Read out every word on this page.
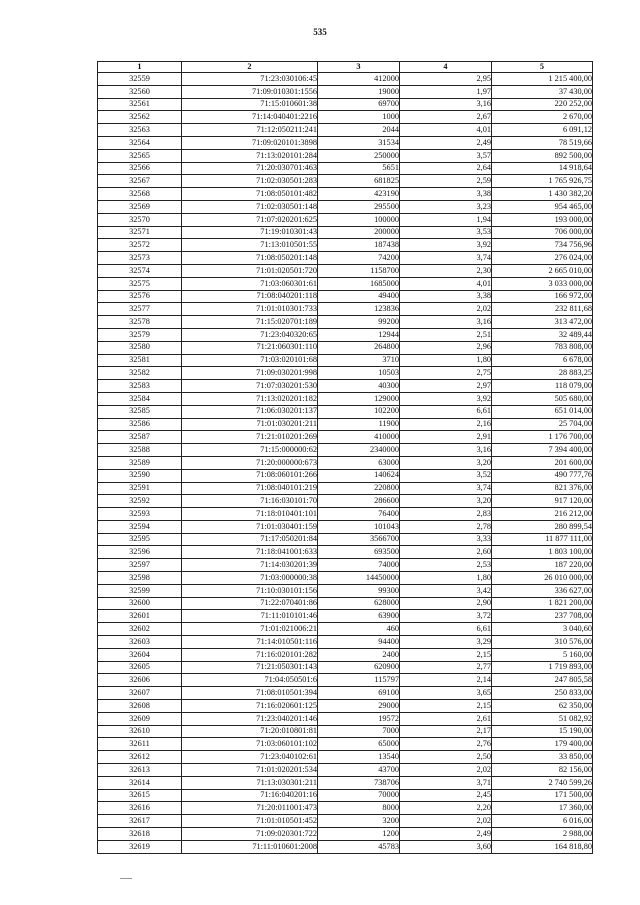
535
1	2	3	4	5
32559	71:23:030106:45	412000	2,95	1 215 400,00
32560	71:09:010301:1556	19000	1,97	37 430,00
32561	71:15:010601:38	69700	3,16	220 252,00
32562	71:14:040401:2216	1000	2,67	2 670,00
32563	71:12:050211:241	2044	4,01	6 091,12
32564	71:09:020101:3898	31534	2,49	78 519,66
32565	71:13:020101:284	250000	3,57	892 500,00
32566	71:20:030701:463	5651	2,64	14 918,64
32567	71:02:030501:283	681825	2,59	1 765 926,75
32568	71:08:050101:482	423190	3,38	1 430 382,20
32569	71:02:030501:148	295500	3,23	954 465,00
32570	71:07:020201:625	100000	1,94	193 000,00
32571	71:19:010301:43	200000	3,53	706 000,00
32572	71:13:010501:55	187438	3,92	734 756,96
32573	71:08:050201:148	74200	3,74	276 024,00
32574	71:01:020501:720	1158700	2,30	2 665 010,00
32575	71:03:060301:61	1685000	4,01	3 033 000,00
32576	71:08:040201:118	49400	3,38	166 972,00
32577	71:01:010301:733	123836	2,02	232 811,68
32578	71:15:020701:189	99200	3,16	313 472,00
32579	71:23:040320:65	12944	2,51	32 489,44
32580	71:21:060301:110	264800	2,96	783 808,00
32581	71:03:020101:68	3710	1,80	6 678,00
32582	71:09:030201:998	10503	2,75	28 883,25
32583	71:07:030201:530	40300	2,97	118 079,00
32584	71:13:020201:182	129000	3,92	505 680,00
32585	71:06:030201:137	102200	6,61	651 014,00
32586	71:01:030201:211	11900	2,16	25 704,00
32587	71:21:010201:269	410000	2,91	1 176 700,00
32588	71:15:000000:62	2340000	3,16	7 394 400,00
32589	71:20:000000:673	63000	3,20	201 600,00
32590	71:08:060101:266	140624	3,52	490 777,76
32591	71:08:040101:219	220800	3,74	821 376,00
32592	71:16:030101:70	286600	3,20	917 120,00
32593	71:18:010401:101	76400	2,83	216 212,00
32594	71:01:030401:159	101043	2,78	280 899,54
32595	71:17:050201:84	3566700	3,33	11 877 111,00
32596	71:18:041001:633	693500	2,60	1 803 100,00
32597	71:14:030201:39	74000	2,53	187 220,00
32598	71:03:000000:38	14450000	1,80	26 010 000,00
32599	71:10:030101:156	99300	3,42	336 627,00
32600	71:22:070401:86	628000	2,90	1 821 200,00
32601	71:11:010101:46	63900	3,72	237 708,00
32602	71:01:021006:21	460	6,61	3 040,60
32603	71:14:010501:116	94400	3,29	310 576,00
32604	71:16:020101:282	2400	2,15	5 160,00
32605	71:21:050301:143	620900	2,77	1 719 893,00
32606	71:04:050501:6	115797	2,14	247 805,58
32607	71:08:010501:394	69100	3,65	250 833,00
32608	71:16:020601:125	29000	2,15	62 350,00
32609	71:23:040201:146	19572	2,61	51 082,92
32610	71:20:010801:81	7000	2,17	15 190,00
32611	71:03:060101:102	65000	2,76	179 400,00
32612	71:23:040102:61	13540	2,50	33 850,00
32613	71:01:020201:534	43700	2,02	82 156,00
32614	71:13:030301:211	738706	3,71	2 740 599,26
32615	71:16:040201:16	70000	2,45	171 500,00
32616	71:20:011001:473	8000	2,20	17 360,00
32617	71:01:010501:452	3200	2,02	6 016,00
32618	71:09:020301:722	1200	2,49	2 988,00
32619	71:11:010601:2008	45783	3,60	164 818,80
